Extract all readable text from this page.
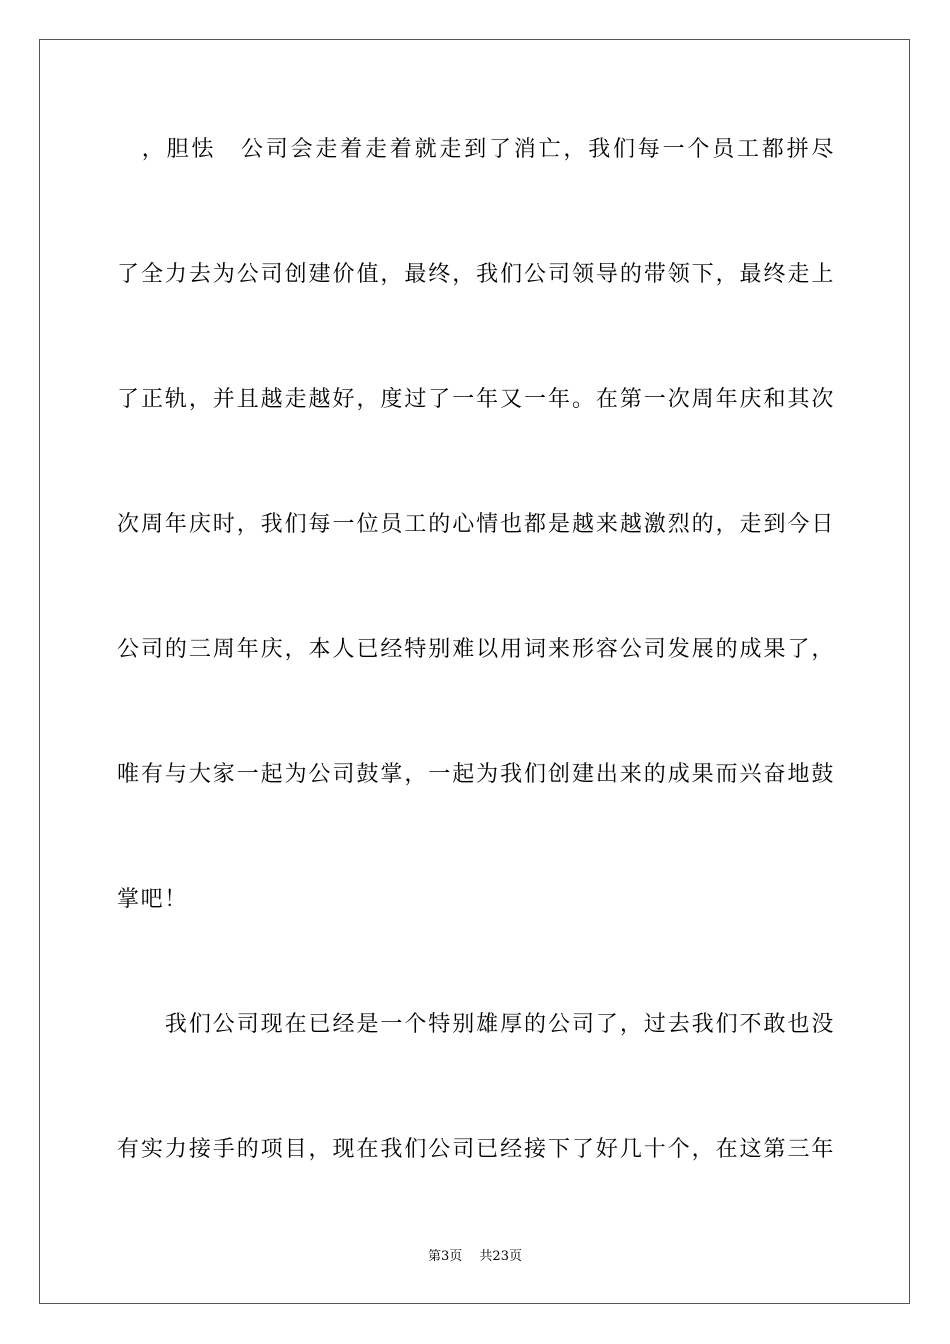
　，胆怯　公司会走着走着就走到了消亡，我们每一个员工都拼尽
了全力去为公司创建价值，最终，我们公司领导的带领下，最终走上
了正轨，并且越走越好，度过了一年又一年。在第一次周年庆和其次
次周年庆时，我们每一位员工的心情也都是越来越激烈的，走到今日
公司的三周年庆，本人已经特别难以用词来形容公司发展的成果了，
唯有与大家一起为公司鼓掌，一起为我们创建出来的成果而兴奋地鼓
掌吧！
　　我们公司现在已经是一个特别雄厚的公司了，过去我们不敢也没
有实力接手的项目，现在我们公司已经接下了好几十个，在这第三年
第3页　 共23页
